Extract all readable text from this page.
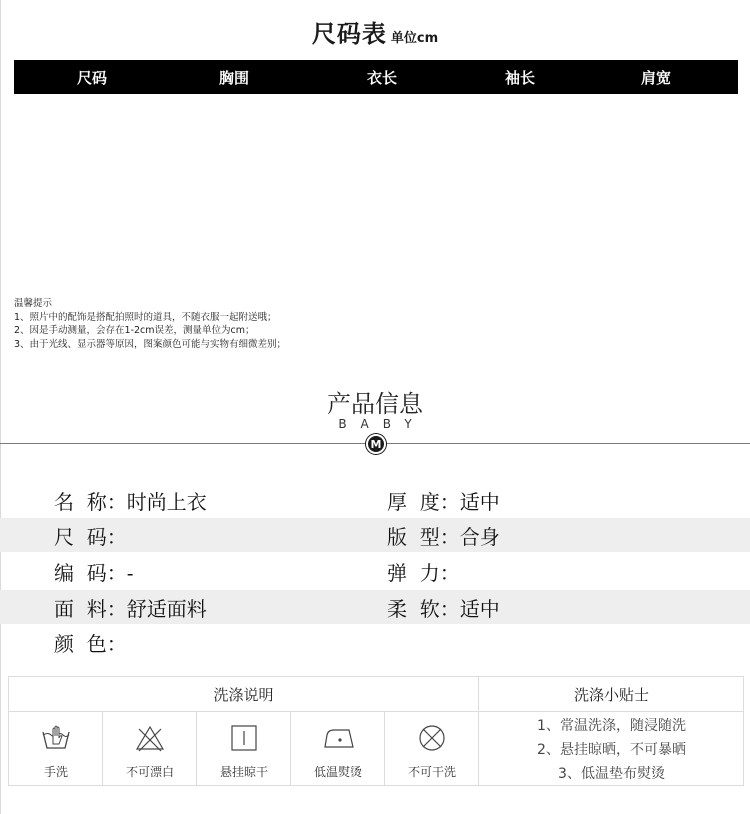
尺码表 单位cm
尺码	胸围	衣长	袖长	肩宽
温馨提示
1、照片中的配饰是搭配拍照时的道具，不随衣服一起附送哦；
2、因是手动测量，会存在1-2cm误差，测量单位为cm；
3、由于光线、显示器等原因，图案颜色可能与实物有细微差别；
产品信息
BABY
M
名  称：时尚上衣	厚  度：适中
尺  码：	版  型：合身
编  码：-	弹  力：
面  料：舒适面料	柔  软：适中
颜  色：
洗涤说明	洗涤小贴士
手洗	不可漂白	悬挂晾干	低温熨烫	不可干洗
1、常温洗涤，随浸随洗
2、悬挂晾晒，不可暴晒
3、低温垫布熨烫
